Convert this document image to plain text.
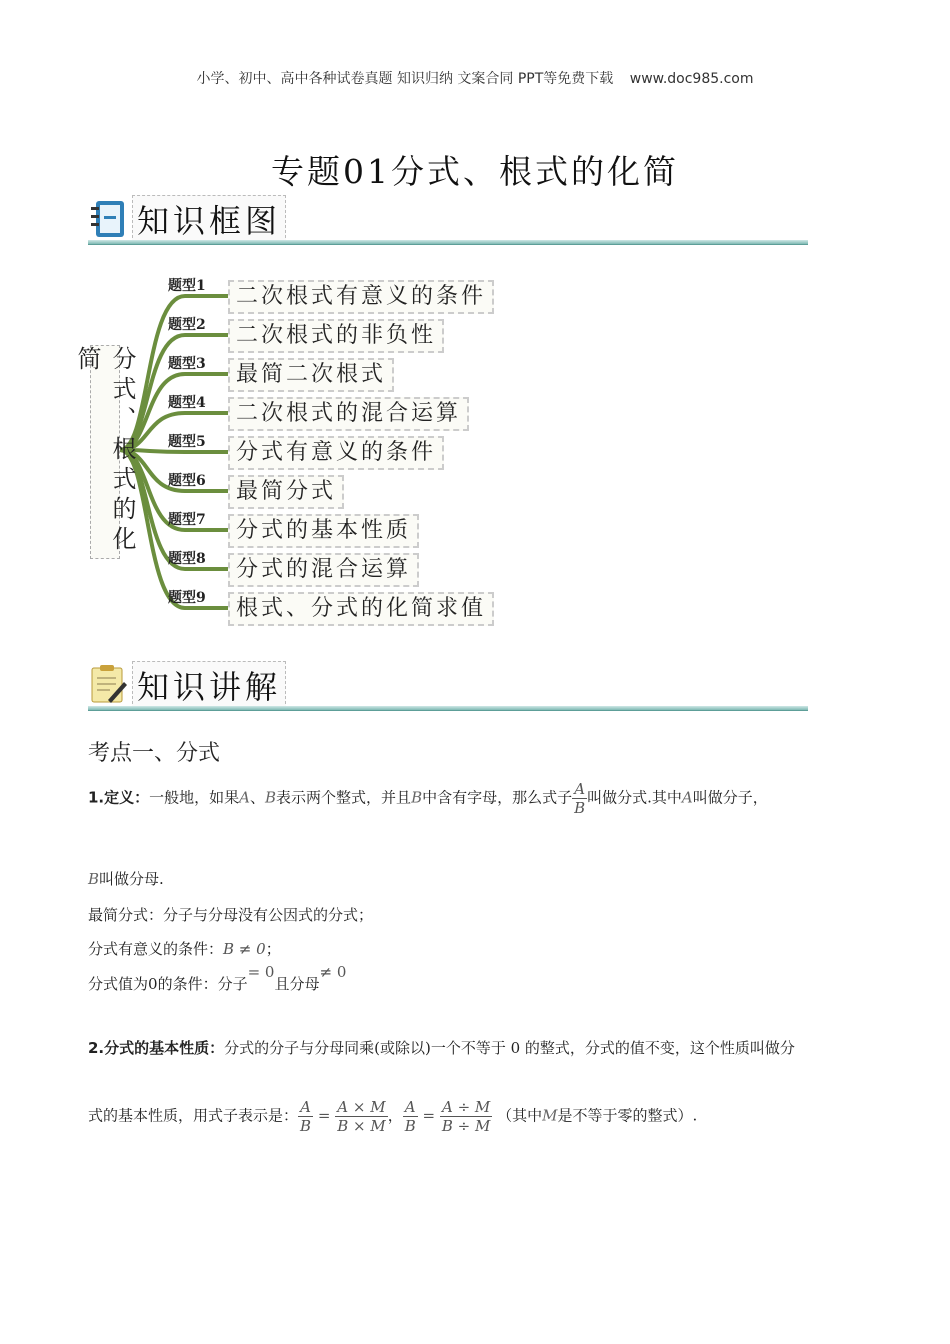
小学、初中、高中各种试卷真题 知识归纳 文案合同 PPT等免费下载 www.doc985.com
专题01分式、根式的化简
知识框图
分式、根式的化简
题型1	二次根式有意义的条件
题型2	二次根式的非负性
题型3	最简二次根式
题型4	二次根式的混合运算
题型5	分式有意义的条件
题型6	最简分式
题型7	分式的基本性质
题型8	分式的混合运算
题型9	根式、分式的化简求值
知识讲解
考点一、分式
1.定义：一般地，如果A、B表示两个整式，并且B中含有字母，那么式子 $\frac{A}{B}$ 叫做分式.其中A叫做分子，
B叫做分母.
最简分式：分子与分母没有公因式的分式；
分式有意义的条件：B ≠ 0；
分式值为0的条件：分子= 0且分母≠ 0
2.分式的基本性质：分式的分子与分母同乘(或除以)一个不等于 0 的整式，分式的值不变，这个性质叫做分
式的基本性质，用式子表示是： $\frac{A}{B} = \frac{A \times M}{B \times M}$ ， $\frac{A}{B} = \frac{A \div M}{B \div M}$ （其中M是不等于零的整式）.
